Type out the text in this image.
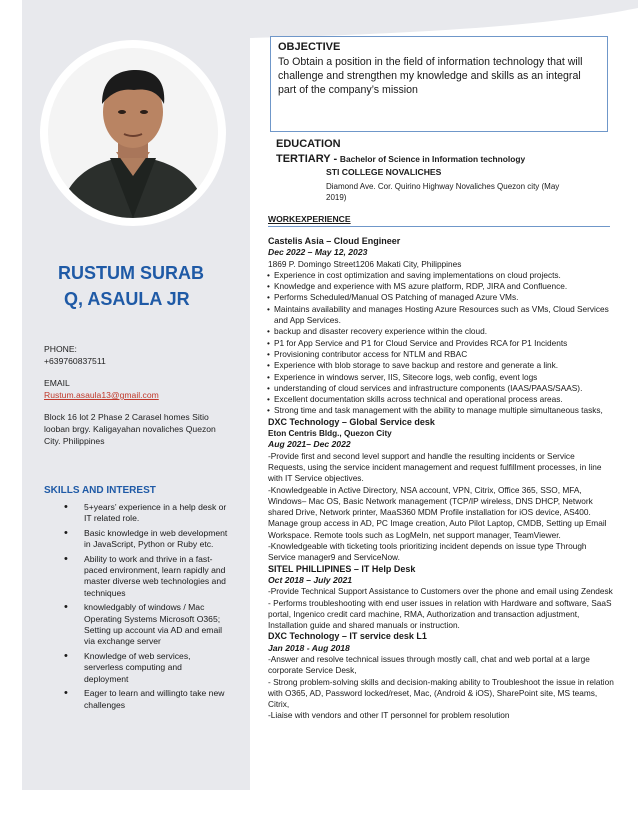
RUSTUM SURAB
Q, ASAULA JR
PHONE:
+639760837511
EMAIL
Rustum.asaula13@gmail.com
Block 16 lot 2 Phase 2 Carasel homes Sitio looban brgy. Kaligayahan novaliches Quezon City. Philippines
SKILLS AND INTEREST
• 5+years’ experience in a help desk or IT related role.
• Basic knowledge in web development in JavaScript, Python or Ruby etc.
• Ability to work and thrive in a fast-paced environment, learn rapidly and master diverse web technologies and techniques
• knowledgably of windows / Mac Operating Systems Microsoft O365; Setting up account via AD and email via exchange server
• Knowledge of web services, serverless computing and deployment
• Eager to learn and willingto take new challenges
OBJECTIVE
To Obtain a position in the field of information technology that will challenge and strengthen my knowledge and skills as an integral part of the company’s mission
EDUCATION
TERTIARY - Bachelor of Science in Information technology
STI COLLEGE NOVALICHES
Diamond Ave. Cor. Quirino Highway Novaliches Quezon city (May 2019)
WORKEXPERIENCE
Castelis Asia – Cloud Engineer
Dec 2022 – May 12, 2023
1869 P. Domingo Street1206 Makati City, Philippines
• Experience in cost optimization and saving implementations on cloud projects.
• Knowledge and experience with MS azure platform, RDP, JIRA and Confluence.
• Performs Scheduled/Manual OS Patching of managed Azure VMs.
• Maintains availability and manages Hosting Azure Resources such as VMs, Cloud Services and App Services.
• backup and disaster recovery experience within the cloud.
• P1 for App Service and P1 for Cloud Service and Provides RCA for P1 Incidents
• Provisioning contributor access for NTLM and RBAC
• Experience with blob storage to save backup and restore and generate a link.
• Experience in windows server, IIS, Sitecore logs, web config, event logs
• understanding of cloud services and infrastructure components (IAAS/PAAS/SAAS).
• Excellent documentation skills across technical and operational process areas.
• Strong time and task management with the ability to manage multiple simultaneous tasks,
DXC Technology – Global Service desk
Eton Centris Bldg., Quezon City
Aug 2021– Dec 2022
-Provide first and second level support and handle the resulting incidents or Service Requests, using the service incident management and request fulfillment processes, in line with IT Service objectives.
-Knowledgeable in Active Directory, NSA account, VPN, Citrix, Office 365, SSO, MFA, Windows– Mac OS, Basic Network management (TCP/IP wireless, DNS DHCP, Network shared Drive, Network printer, MaaS360 MDM Profile installation for iOS device, AS400. Manage group access in AD, PC Image creation, Auto Pilot Laptop, CMDB, Setting up Email Workspace. Remote tools such as LogMeIn, net support manager, TeamViewer.
-Knowledgeable with ticketing tools prioritizing incident depends on issue type Through Service manager9 and ServiceNow.
SITEL PHILLIPINES – IT Help Desk
Oct 2018 – July 2021
-Provide Technical Support Assistance to Customers over the phone and email using Zendesk
- Performs troubleshooting with end user issues in relation with Hardware and software, SaaS portal, Ingenico credit card machine, RMA, Authorization and transaction adjustment, Installation guide and shared manuals or instruction.
DXC Technology – IT service desk L1
Jan 2018 - Aug 2018
-Answer and resolve technical issues through mostly call, chat and web portal at a large corporate Service Desk,
- Strong problem-solving skills and decision-making ability to Troubleshoot the issue in relation with O365, AD, Password locked/reset, Mac, (Android & iOS), SharePoint site, MS teams, Citrix,
-Liaise with vendors and other IT personnel for problem resolution
